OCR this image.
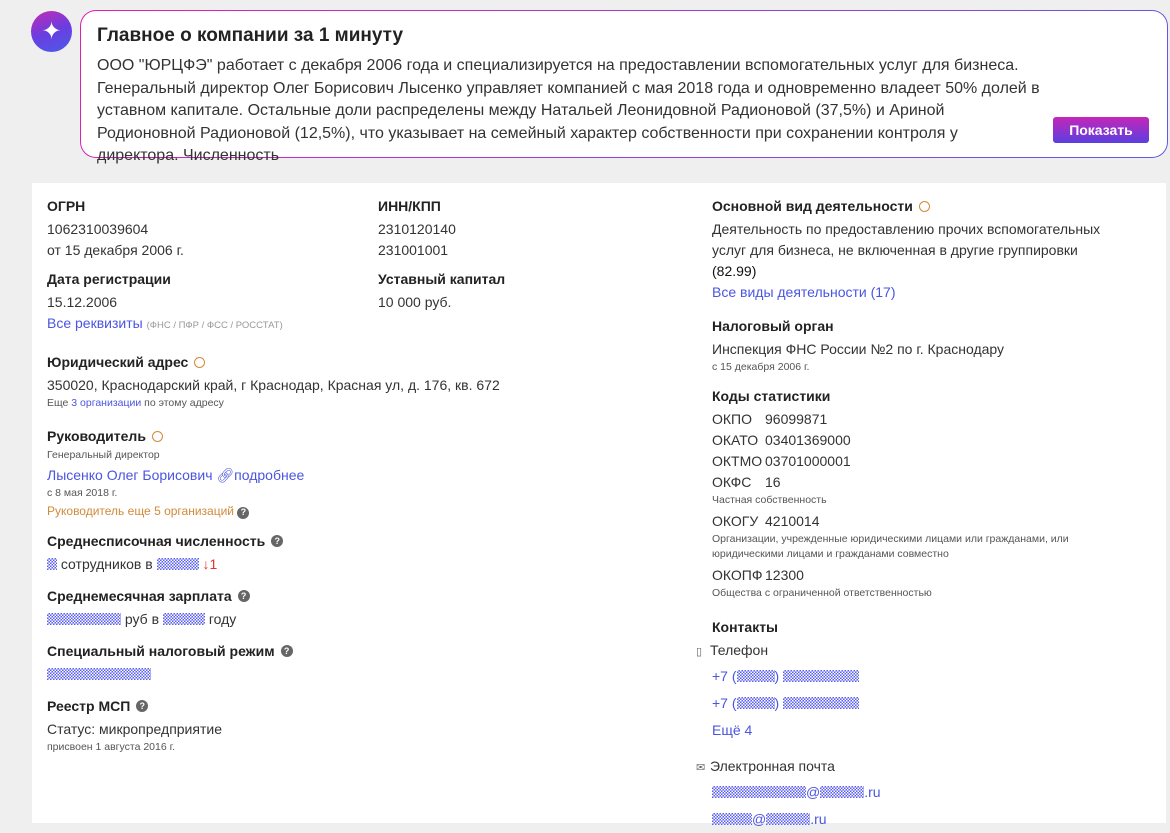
✦	Главное о компании за 1 минуту

ООО "ЮРЦФЭ" работает с декабря 2006 года и специализируется на предоставлении вспомогательных услуг для бизнеса. Генеральный директор Олег Борисович Лысенко управляет компанией с мая 2018 года и одновременно владеет 50% долей в уставном капитале. Остальные доли распределены между Натальей Леонидовной Радионовой (37,5%) и Ариной Родионовной Радионовой (12,5%), что указывает на семейный характер собственности при сохранении контроля у директора. Численность

Показать
ОГРН
1062310039604
от 15 декабря 2006 г.
Дата регистрации
15.12.2006
Все реквизиты (ФНС / ПФР / ФСС / РОССТАТ)
ИНН/КПП
2310120140
231001001
Уставный капитал
10 000 руб.
Юридический адрес
350020, Краснодарский край, г Краснодар, Красная ул, д. 176, кв. 672
Еще 3 организации по этому адресу
Руководитель
Генеральный директор
Лысенко Олег Борисович 🔗︎подробнее
с 8 мая 2018 г.
Руководитель еще 5 организаций ?
Среднесписочная численность	?
сотрудников в	↓1
Среднемесячная зарплата	?
руб в	году
Специальный налоговый режим	?
Реестр МСП	?
Статус: микропредприятие
присвоен 1 августа 2016 г.
Основной вид деятельности
Деятельность по предоставлению прочих вспомогательных услуг для бизнеса, не включенная в другие группировки (82.99)
Все виды деятельности (17)
Налоговый орган
Инспекция ФНС России №2 по г. Краснодару
с 15 декабря 2006 г.
Коды статистики
ОКПО 96099871
ОКАТО 03401369000
ОКТМО 03701000001
ОКФС 16
Частная собственность
ОКОГУ 4210014
Организации, учрежденные юридическими лицами или гражданами, или юридическими лицами и гражданами совместно
ОКОПФ 12300
Общества с ограниченной ответственностью
Контакты
▯ Телефон
+7 (	)
+7 (	)
Ещё 4
✉ Электронная почта
@	.ru
@	.ru
